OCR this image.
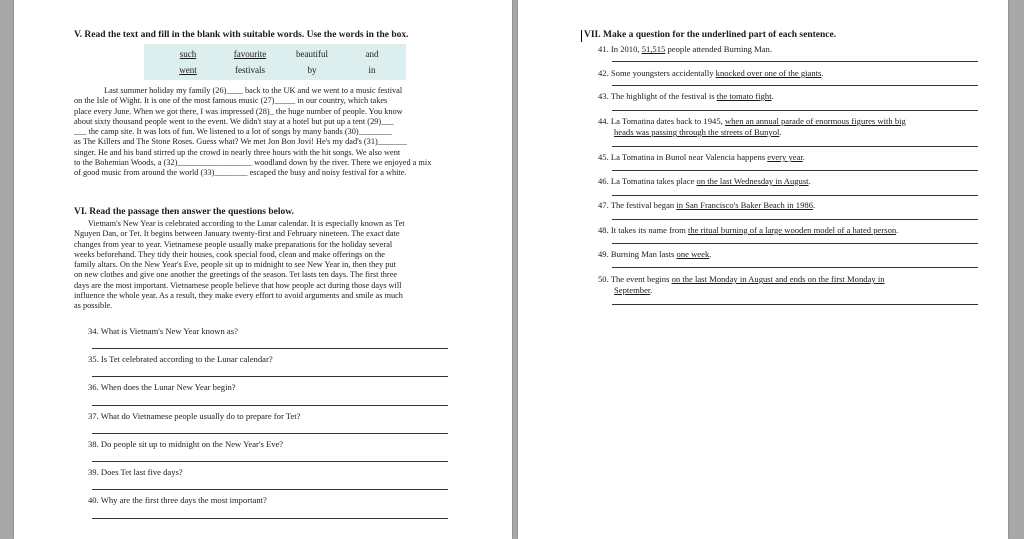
V. Read the text and fill in the blank with suitable words. Use the words in the box.
such	favourite	beautiful	and
went	festivals	by	in
Last summer holiday my family (26)____ back to the UK and we went to a music festival
on the Isle of Wight. It is one of the most famous music (27)_____ in our country, which takes
place every June. When we got there, I was impressed (28)_ the huge number of people. You know
about sixty thousand people went to the event. We didn't stay at a hotel but put up a tent (29)___
___ the camp site. It was lots of fun. We listened to a lot of songs by many bands (30)________
as The Killers and The Stone Roses. Guess what? We met Jon Bon Jovi! He's my dad's (31)_______
singer. He and his band stirred up the crowd in nearly three hours with the hit songs. We also went
to the Bohemian Woods, a (32)__________________ woodland down by the river. There we enjoyed a mix
of good music from around the world (33)________ escaped the busy and noisy festival for a white.
VI. Read the passage then answer the questions below.
Vietnam's New Year is celebrated according to the Lunar calendar. It is especially known as Tet
Nguyen Dan, or Tet. It begins between January twenty-first and February nineteen. The exact date
changes from year to year. Vietnamese people usually make preparations for the holiday several
weeks beforehand. They tidy their houses, cook special food, clean and make offerings on the
family altars. On the New Year's Eve, people sit up to midnight to see New Year in, then they put
on new clothes and give one another the greetings of the season. Tet lasts ten days. The first three
days are the most important. Vietnamese people believe that how people act during those days will
influence the whole year. As a result, they make every effort to avoid arguments and smile as much
as possible.
34. What is Vietnam's New Year known as?
35. Is Tet celebrated according to the Lunar calendar?
36. When does the Lunar New Year begin?
37. What do Vietnamese people usually do to prepare for Tet?
38. Do people sit up to midnight on the New Year's Eve?
39. Does Tet last five days?
40. Why are the first three days the most important?
VII. Make a question for the underlined part of each sentence.
41. In 2010, 51,515 people attended Burning Man.
42. Some youngsters accidentally knocked over one of the giants.
43. The highlight of the festival is the tomato fight.
44. La Tomatina dates back to 1945, when an annual parade of enormous figures with big
heads was passing through the streets of Bunyol.
45. La Tomatina in Bunol near Valencia happens every year.
46. La Tomatina takes place on the last Wednesday in August.
47. The festival began in San Francisco's Baker Beach in 1986.
48. It takes its name from the ritual burning of a large wooden model of a hated person.
49. Burning Man lasts one week.
50. The event begins on the last Monday in August and ends on the first Monday in
September.
